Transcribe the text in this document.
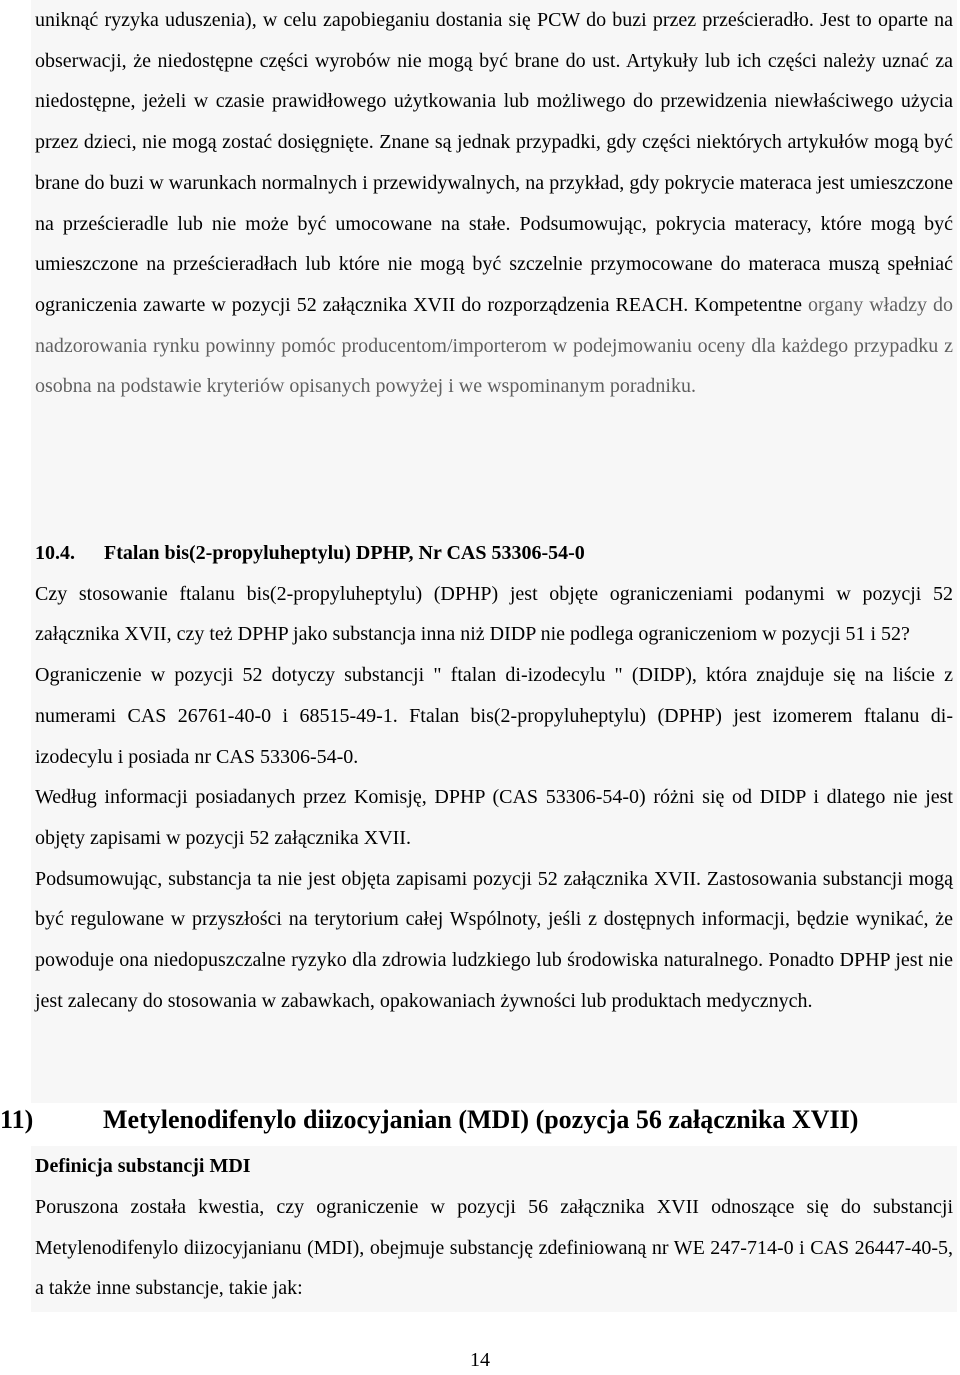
uniknąć ryzyka uduszenia), w celu zapobieganiu dostania się PCW do buzi przez prześcieradło. Jest to oparte na obserwacji, że niedostępne części wyrobów nie mogą być brane do ust. Artykuły lub ich części należy uznać za niedostępne, jeżeli w czasie prawidłowego użytkowania lub możliwego do przewidzenia niewłaściwego użycia przez dzieci, nie mogą zostać dosięgnięte. Znane są jednak przypadki, gdy części niektórych artykułów mogą być brane do buzi w warunkach normalnych i przewidywalnych, na przykład, gdy pokrycie materaca jest umieszczone na prześcieradle lub nie może być umocowane na stałe. Podsumowując, pokrycia materacy, które mogą być umieszczone na prześcieradłach lub które nie mogą być szczelnie przymocowane do materaca muszą spełniać ograniczenia zawarte w pozycji 52 załącznika XVII do rozporządzenia REACH. Kompetentne organy władzy do nadzorowania rynku powinny pomóc producentom/importerom w podejmowaniu oceny dla każdego przypadku z osobna na podstawie kryteriów opisanych powyżej i we wspominanym poradniku.

10.4. Ftalan bis(2-propyluheptylu) DPHP, Nr CAS 53306-54-0

Czy stosowanie ftalanu bis(2-propyluheptylu) (DPHP) jest objęte ograniczeniami podanymi w pozycji 52 załącznika XVII, czy też DPHP jako substancja inna niż DIDP nie podlega ograniczeniom w pozycji 51 i 52?

Ograniczenie w pozycji 52 dotyczy substancji " ftalan di-izodecylu " (DIDP), która znajduje się na liście z numerami CAS 26761-40-0 i 68515-49-1. Ftalan bis(2-propyluheptylu) (DPHP) jest izomerem ftalanu di-izodecylu i posiada nr CAS 53306-54-0.

Według informacji posiadanych przez Komisję, DPHP (CAS 53306-54-0) różni się od DIDP i dlatego nie jest objęty zapisami w pozycji 52 załącznika XVII.

Podsumowując, substancja ta nie jest objęta zapisami pozycji 52 załącznika XVII. Zastosowania substancji mogą być regulowane w przyszłości na terytorium całej Wspólnoty, jeśli z dostępnych informacji, będzie wynikać, że powoduje ona niedopuszczalne ryzyko dla zdrowia ludzkiego lub środowiska naturalnego. Ponadto DPHP jest nie jest zalecany do stosowania w zabawkach, opakowaniach żywności lub produktach medycznych.

11)	Metylenodifenylo diizocyjanian (MDI) (pozycja 56 załącznika XVII)

Poruszona została kwestia, czy ograniczenie w pozycji 56 załącznika XVII odnoszące się do substancji Metylenodifenylo diizocyjanianu (MDI), obejmuje substancję zdefiniowaną nr WE 247-714-0 i CAS 26447-40-5, a także inne substancje, takie jak:

Definicja substancji MDI

14
